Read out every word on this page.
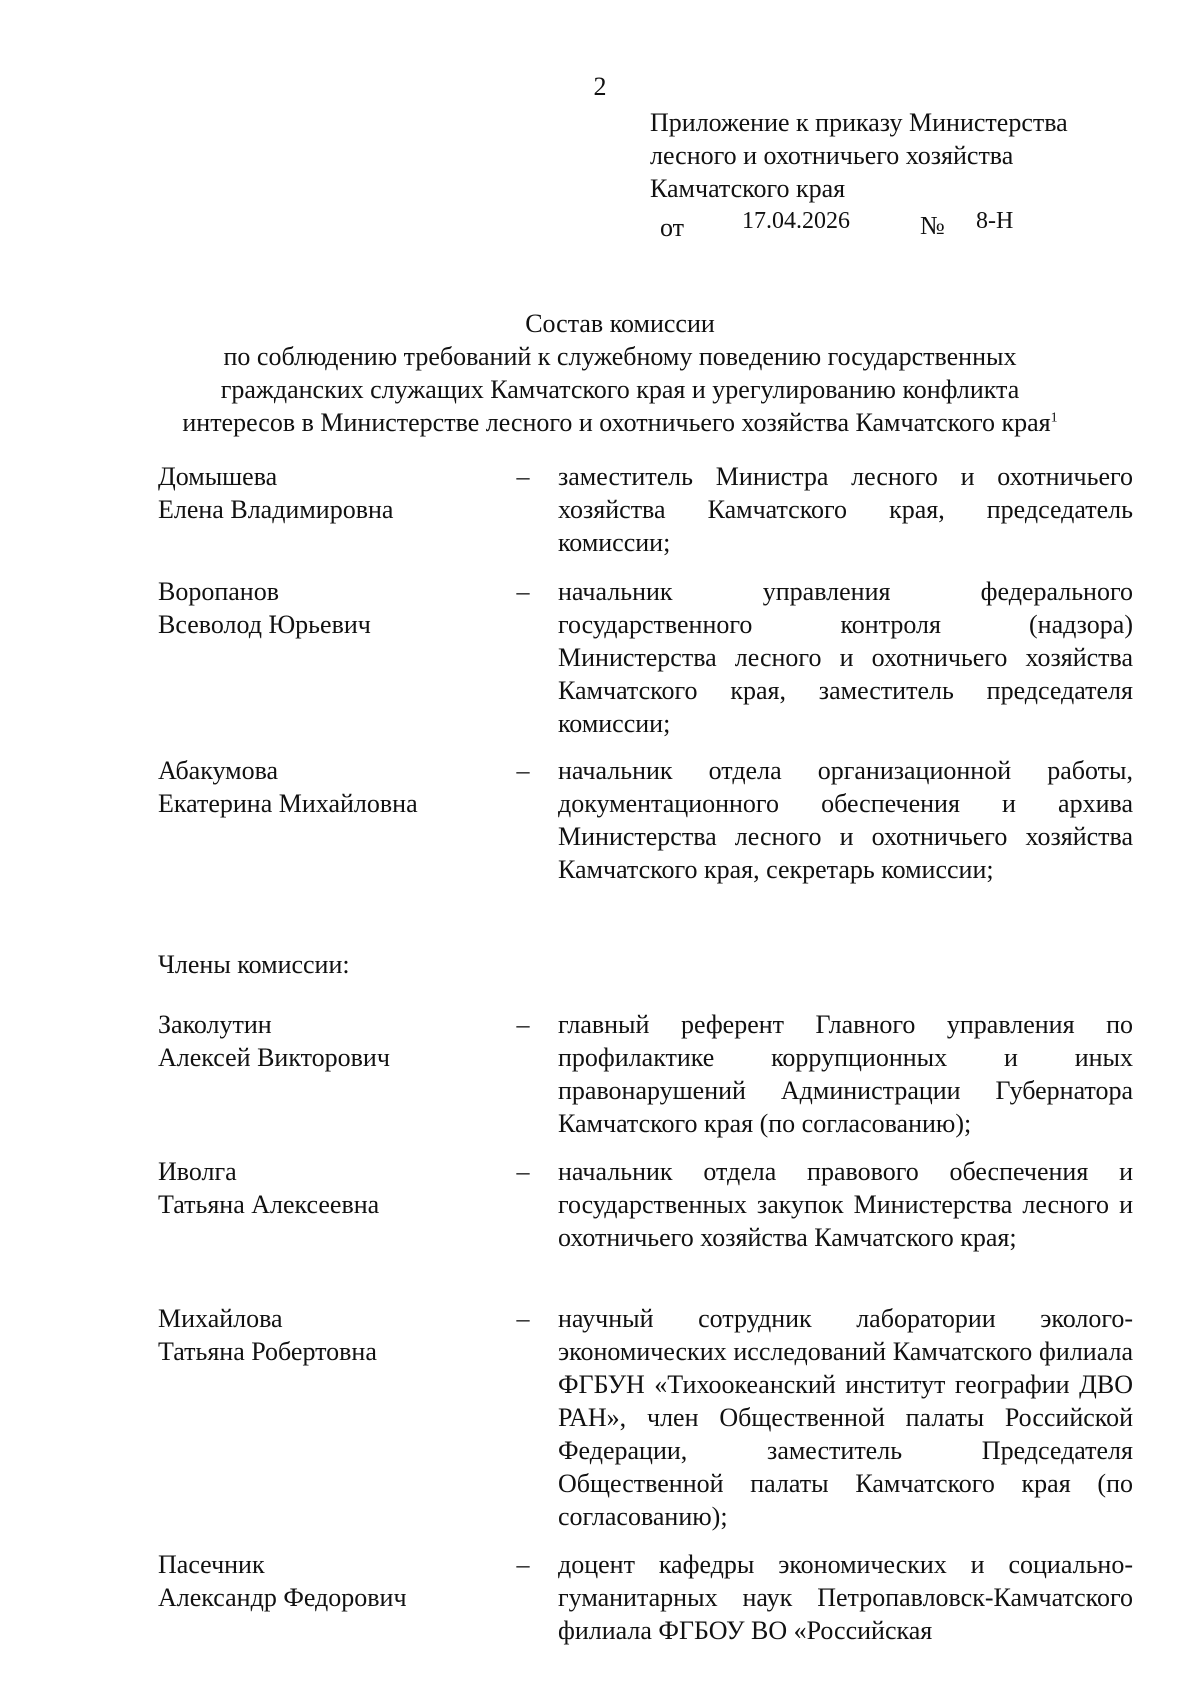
2
Приложение к приказу Министерства
лесного и охотничьего хозяйства
Камчатского края
от 17.04.2026	№ 8-Н
Состав комиссии
по соблюдению требований к служебному поведению государственных
гражданских служащих Камчатского края и урегулированию конфликта
интересов в Министерстве лесного и охотничьего хозяйства Камчатского края$^1$
Домышева
Елена Владимировна
–	заместитель Министра лесного и охотничьего хозяйства Камчатского края, председатель комиссии;
Воропанов
Всеволод Юрьевич
–	начальник управления федерального государственного контроля (надзора) Министерства лесного и охотничьего хозяйства Камчатского края, заместитель председателя комиссии;
Абакумова
Екатерина Михайловна
–	начальник отдела организационной работы, документационного обеспечения и архива Министерства лесного и охотничьего хозяйства Камчатского края, секретарь комиссии;
Члены комиссии:
Заколутин
Алексей Викторович
–	главный референт Главного управления по профилактике коррупционных и иных правонарушений Администрации Губернатора Камчатского края (по согласованию);
Иволга
Татьяна Алексеевна
–	начальник отдела правового обеспечения и государственных закупок Министерства лесного и охотничьего хозяйства Камчатского края;
Михайлова
Татьяна Робертовна
–	научный сотрудник лаборатории эколого-экономических исследований Камчатского филиала ФГБУН «Тихоокеанский институт географии ДВО РАН», член Общественной палаты Российской Федерации, заместитель Председателя Общественной палаты Камчатского края (по согласованию);
Пасечник
Александр Федорович
–	доцент кафедры экономических и социально-гуманитарных наук Петропавловск-Камчатского филиала ФГБОУ ВО «Российская
